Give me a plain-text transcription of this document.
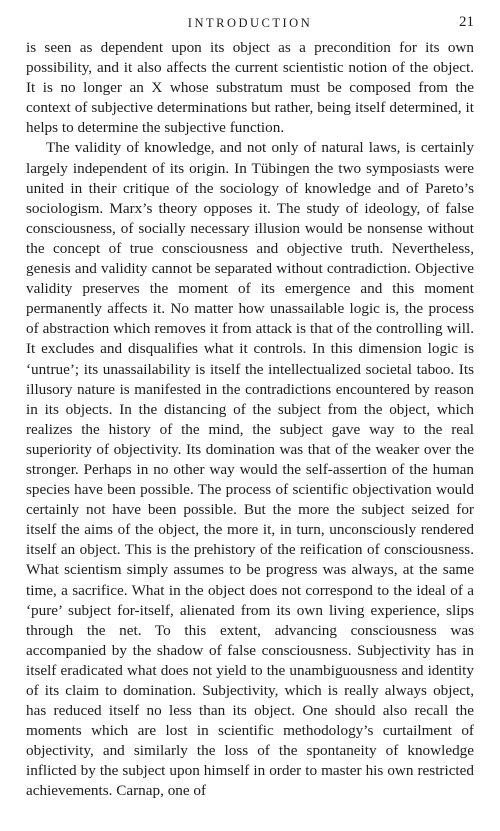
INTRODUCTION	21

is seen as dependent upon its object as a precondition for its own possibility, and it also affects the current scientistic notion of the object. It is no longer an X whose substratum must be composed from the context of subjective determinations but rather, being itself determined, it helps to determine the subjective function.

The validity of knowledge, and not only of natural laws, is certainly largely independent of its origin. In Tübingen the two symposiasts were united in their critique of the sociology of knowledge and of Pareto’s sociologism. Marx’s theory opposes it. The study of ideology, of false consciousness, of socially necessary illusion would be nonsense without the concept of true consciousness and objective truth. Nevertheless, genesis and validity cannot be separated without contradiction. Objective validity preserves the moment of its emergence and this moment permanently affects it. No matter how unassailable logic is, the process of abstraction which removes it from attack is that of the controlling will. It excludes and disqualifies what it controls. In this dimension logic is ‘untrue’; its unassailability is itself the intellectualized societal taboo. Its illusory nature is manifested in the contradictions encountered by reason in its objects. In the distancing of the subject from the object, which realizes the history of the mind, the subject gave way to the real superiority of objectivity. Its domination was that of the weaker over the stronger. Perhaps in no other way would the self-assertion of the human species have been possible. The process of scientific objectivation would certainly not have been possible. But the more the subject seized for itself the aims of the object, the more it, in turn, unconsciously rendered itself an object. This is the prehistory of the reification of consciousness. What scientism simply assumes to be progress was always, at the same time, a sacrifice. What in the object does not correspond to the ideal of a ‘pure’ subject for-itself, alienated from its own living experience, slips through the net. To this extent, advancing consciousness was accompanied by the shadow of false consciousness. Subjectivity has in itself eradicated what does not yield to the unambiguousness and identity of its claim to domination. Subjectivity, which is really always object, has reduced itself no less than its object. One should also recall the moments which are lost in scientific methodology’s curtailment of objectivity, and similarly the loss of the spontaneity of knowledge inflicted by the subject upon himself in order to master his own restricted achievements. Carnap, one of
